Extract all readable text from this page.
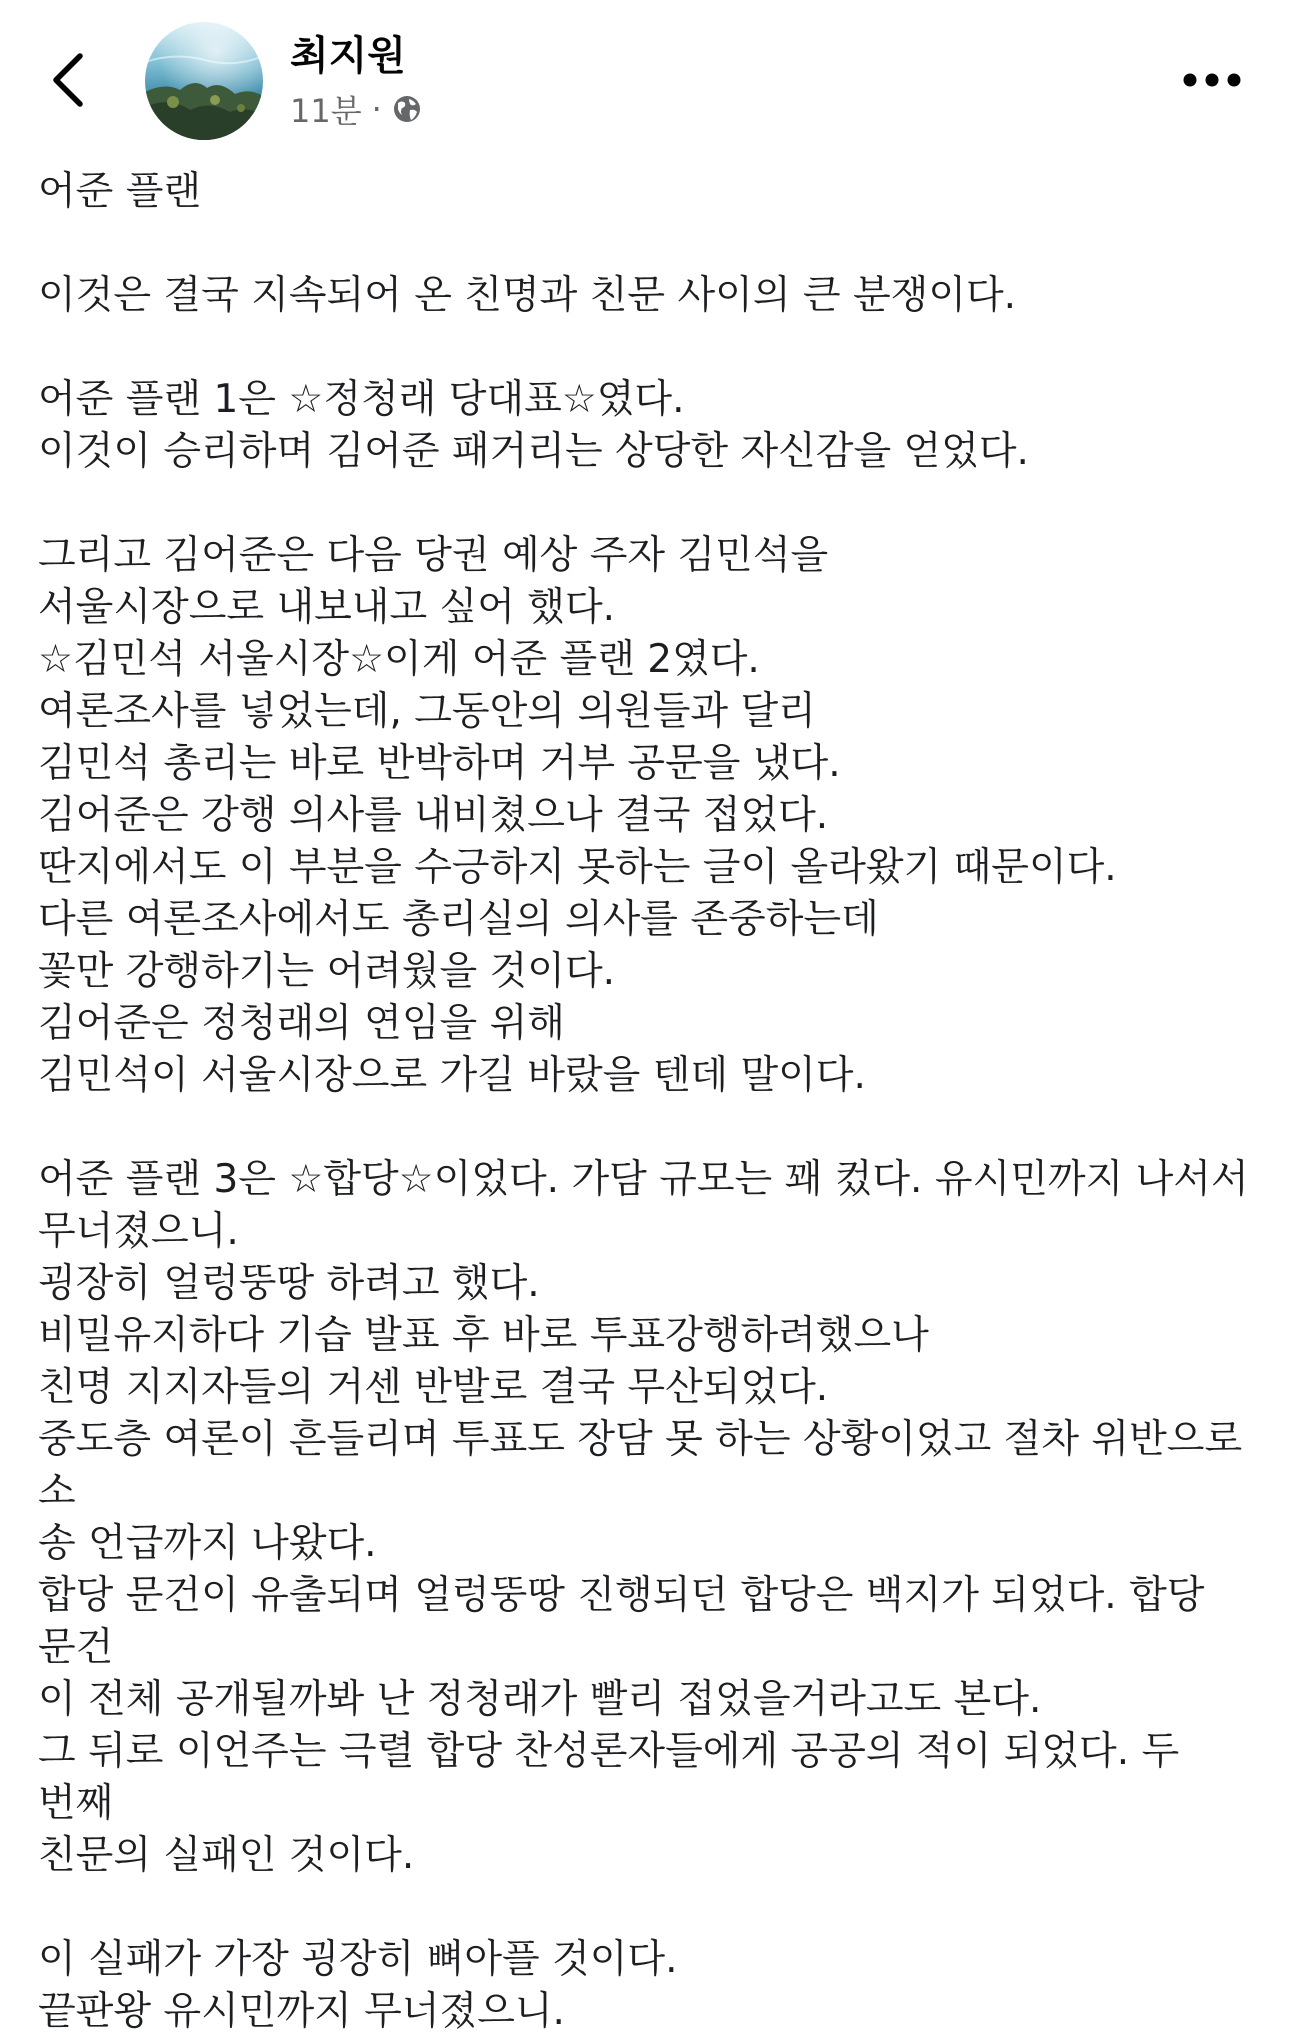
최지원
11분 ·

어준 플랜

이것은 결국 지속되어 온 친명과 친문 사이의 큰 분쟁이다.

어준 플랜 1은 ☆정청래 당대표☆였다.
이것이 승리하며 김어준 패거리는 상당한 자신감을 얻었다.

그리고 김어준은 다음 당권 예상 주자 김민석을
서울시장으로 내보내고 싶어 했다.
☆김민석 서울시장☆이게 어준 플랜 2였다.
여론조사를 넣었는데, 그동안의 의원들과 달리
김민석 총리는 바로 반박하며 거부 공문을 냈다.
김어준은 강행 의사를 내비쳤으나 결국 접었다.
딴지에서도 이 부분을 수긍하지 못하는 글이 올라왔기 때문이다.
다른 여론조사에서도 총리실의 의사를 존중하는데
꽃만 강행하기는 어려웠을 것이다.
김어준은 정청래의 연임을 위해
김민석이 서울시장으로 가길 바랐을 텐데 말이다.

어준 플랜 3은 ☆합당☆이었다. 가담 규모는 꽤 컸다. 유시민까지 나서서
무너졌으니.
굉장히 얼렁뚱땅 하려고 했다.
비밀유지하다 기습 발표 후 바로 투표강행하려했으나
친명 지지자들의 거센 반발로 결국 무산되었다.
중도층 여론이 흔들리며 투표도 장담 못 하는 상황이었고 절차 위반으로 소
송 언급까지 나왔다.
합당 문건이 유출되며 얼렁뚱땅 진행되던 합당은 백지가 되었다. 합당 문건
이 전체 공개될까봐 난 정청래가 빨리 접었을거라고도 본다.
그 뒤로 이언주는 극렬 합당 찬성론자들에게 공공의 적이 되었다. 두 번째
친문의 실패인 것이다.

이 실패가 가장 굉장히 뼈아플 것이다.
끝판왕 유시민까지 무너졌으니.
